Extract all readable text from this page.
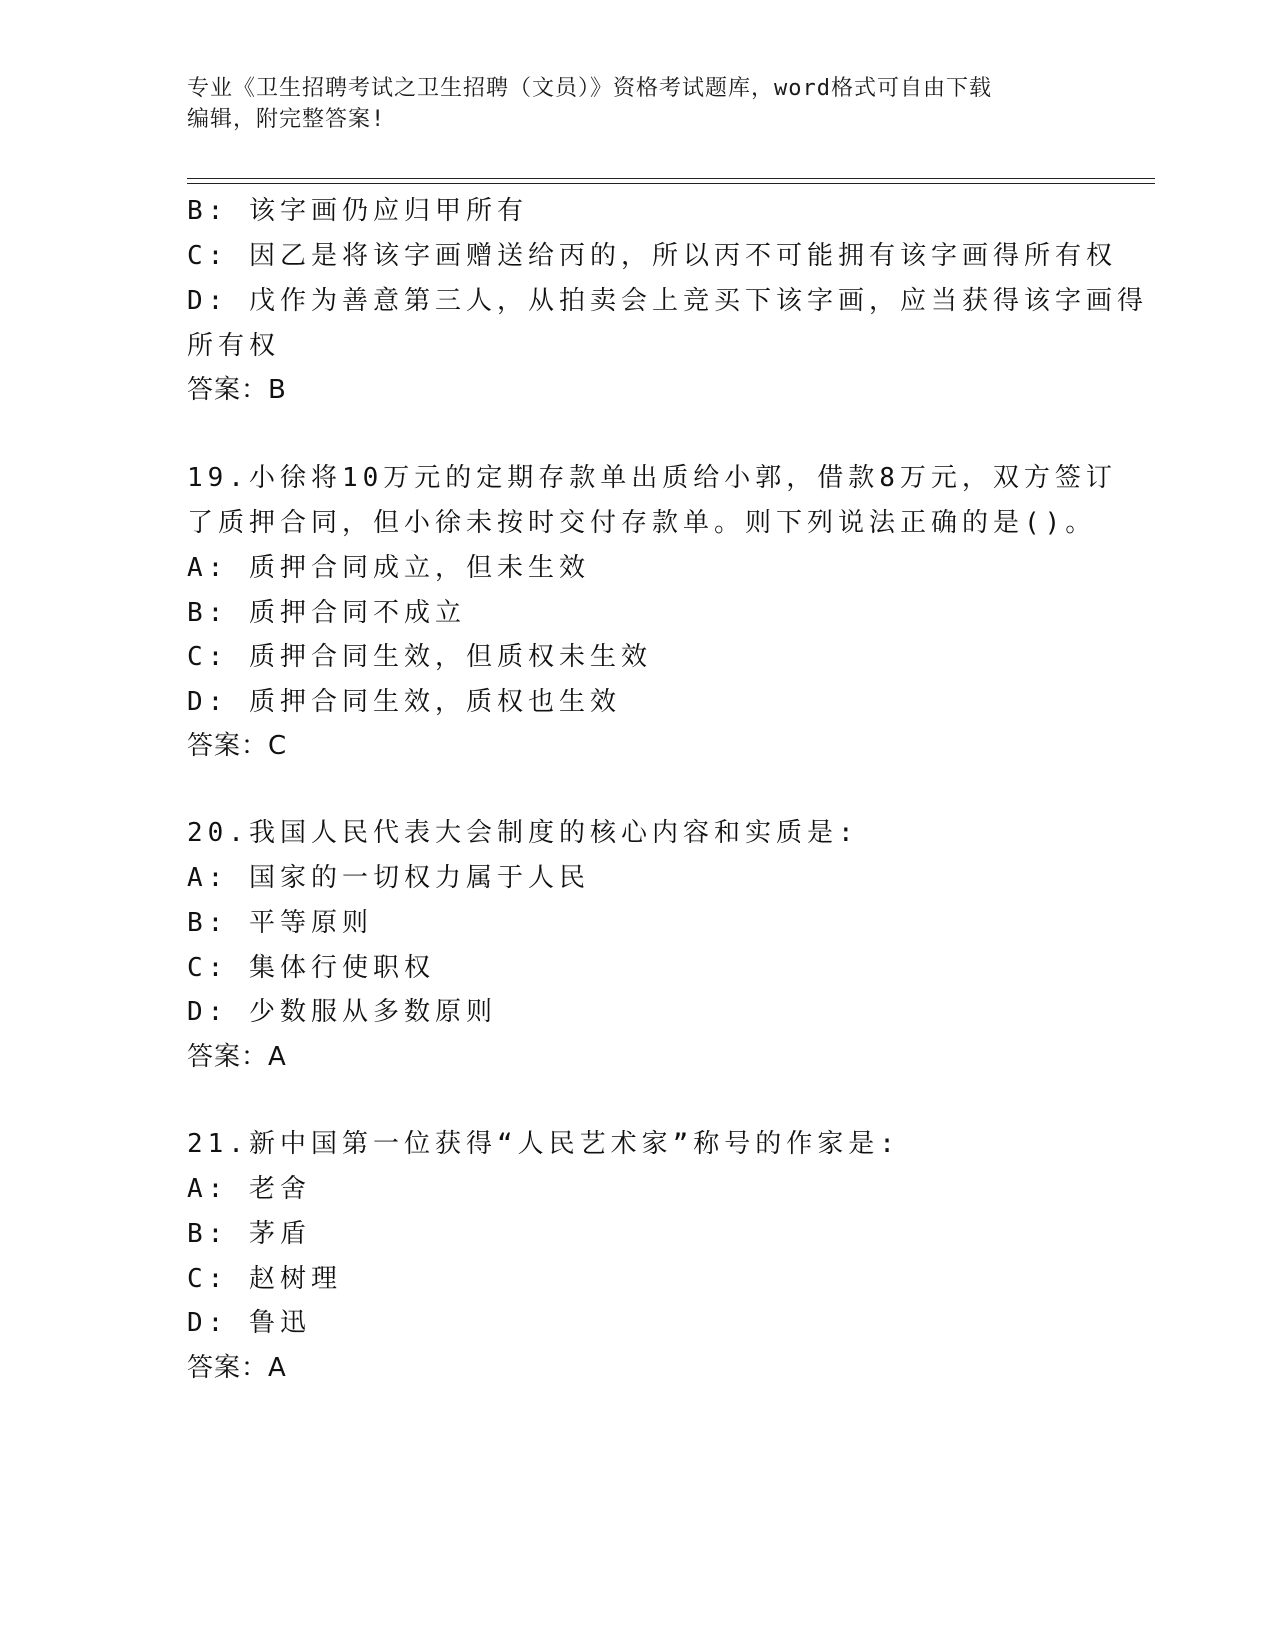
专业《卫生招聘考试之卫生招聘（文员）》资格考试题库，word格式可自由下载
编辑，附完整答案!
B: 该字画仍应归甲所有
C: 因乙是将该字画赠送给丙的，所以丙不可能拥有该字画得所有权
D: 戊作为善意第三人，从拍卖会上竞买下该字画，应当获得该字画得
所有权
答案：B
19.小徐将10万元的定期存款单出质给小郭，借款8万元，双方签订
了质押合同，但小徐未按时交付存款单。则下列说法正确的是()。
A: 质押合同成立，但未生效
B: 质押合同不成立
C: 质押合同生效，但质权未生效
D: 质押合同生效，质权也生效
答案：C
20.我国人民代表大会制度的核心内容和实质是:
A: 国家的一切权力属于人民
B: 平等原则
C: 集体行使职权
D: 少数服从多数原则
答案：A
21.新中国第一位获得“人民艺术家”称号的作家是:
A: 老舍
B: 茅盾
C: 赵树理
D: 鲁迅
答案：A
